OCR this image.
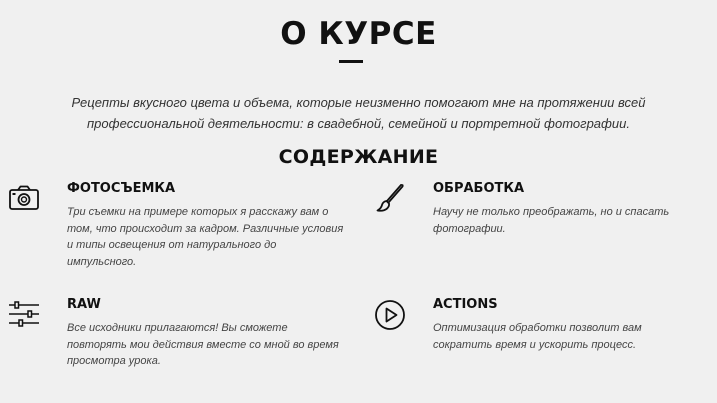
О КУРСЕ
Рецепты вкусного цвета и объема, которые неизменно помогают мне на протяжении всей профессиональной деятельности: в свадебной, семейной и портретной фотографии.
СОДЕРЖАНИЕ
ФОТОСЪЕМКА
Три съемки на примере которых я расскажу вам о том, что происходит за кадром. Различные условия и типы освещения от натурального до импульсного.
ОБРАБОТКА
Научу не только преображать, но и спасать фотографии.
RAW
Все исходники прилагаются! Вы сможете повторять мои действия вместе со мной во время просмотра урока.
ACTIONS
Оптимизация обработки позволит вам сократить время и ускорить процесс.
